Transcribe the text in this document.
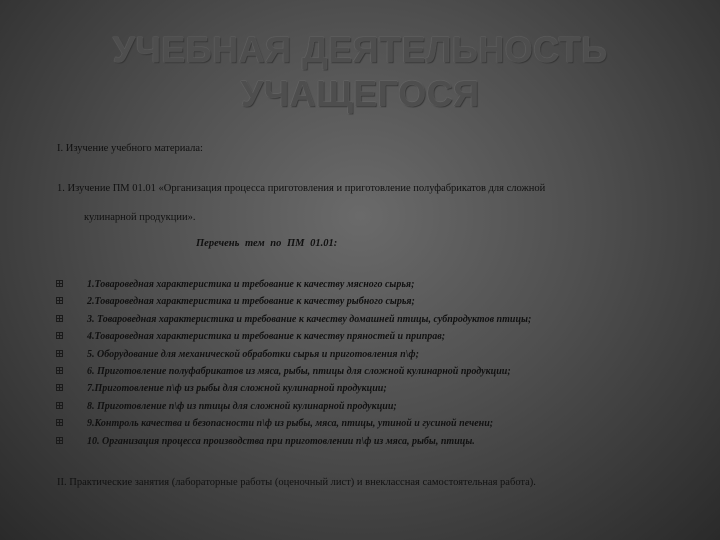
УЧЕБНАЯ ДЕЯТЕЛЬНОСТЬ
УЧАЩЕГОСЯ
I. Изучение учебного материала:
1. Изучение ПМ 01.01 «Организация процесса приготовления и приготовление полуфабрикатов для сложной
кулинарной продукции».
Перечень тем по ПМ 01.01:
1.Товароведная характеристика и требование к качеству мясного сырья;
2.Товароведная характеристика и требование к качеству рыбного сырья;
3. Товароведная характеристика и требование к качеству домашней птицы, субпродуктов птицы;
4.Товароведная характеристика и требование к качеству пряностей и приправ;
5. Оборудование для механической обработки сырья и приготовления п\ф;
6. Приготовление полуфабрикатов из мяса, рыбы, птицы для сложной кулинарной продукции;
7.Приготовление п\ф из рыбы для сложной кулинарной продукции;
8. Приготовление п\ф из птицы для сложной кулинарной продукции;
9.Контроль качества и безопасности п\ф из рыбы, мяса, птицы, утиной и гусиной печени;
10. Организация процесса производства при приготовлении п\ф из мяса, рыбы, птицы.
II. Практические занятия (лабораторные работы (оценочный лист) и внеклассная самостоятельная работа).
